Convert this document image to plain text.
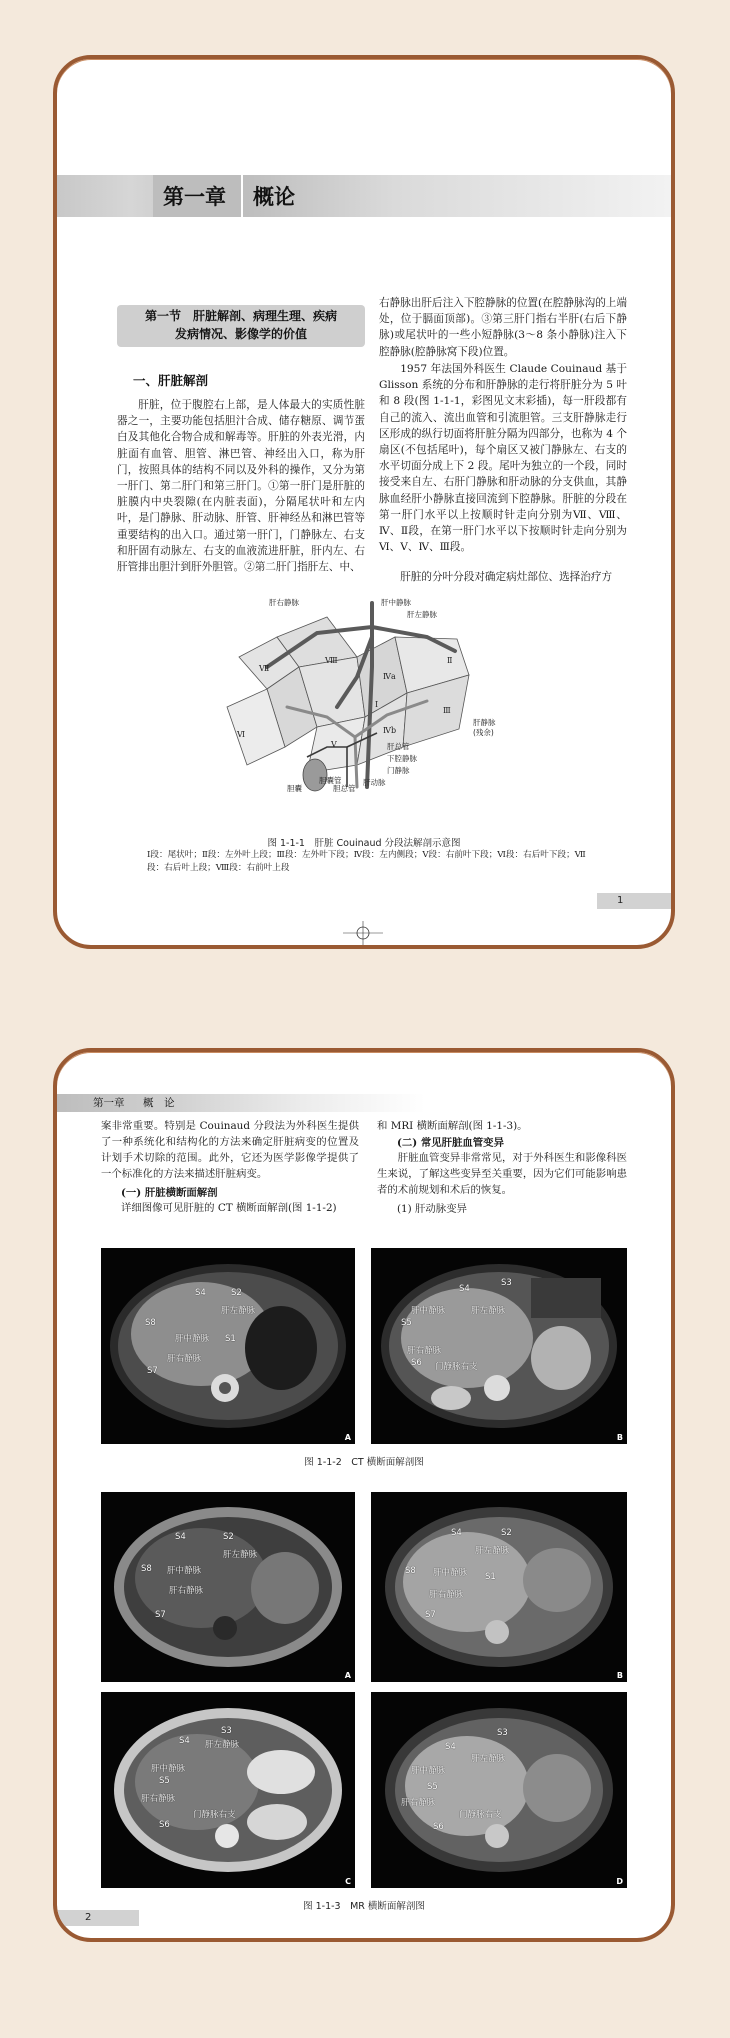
第一章 概论
第一节　肝脏解剖、病理生理、疾病
发病情况、影像学的价值
一、肝脏解剖

肝脏，位于腹腔右上部，是人体最大的实质性脏器之一，主要功能包括胆汁合成、储存糖原、调节蛋白及其他化合物合成和解毒等。肝脏的外表光滑，内脏面有血管、胆管、淋巴管、神经出入口，称为肝门，按照具体的结构不同以及外科的操作，又分为第一肝门、第二肝门和第三肝门。①第一肝门是肝脏的脏膜内中央裂隙(在内脏表面)，分隔尾状叶和左内叶，是门静脉、肝动脉、肝管、肝神经丛和淋巴管等重要结构的出入口。通过第一肝门，门静脉左、右支和肝固有动脉左、右支的血液流进肝脏，肝内左、右肝管排出胆汁到肝外胆管。②第二肝门指肝左、中、

右静脉出肝后注入下腔静脉的位置(在腔静脉沟的上端处，位于膈面顶部)。③第三肝门指右半肝(右后下静脉)或尾状叶的一些小短静脉(3～8 条小静脉)注入下腔静脉(腔静脉窝下段)位置。

1957 年法国外科医生 Claude Couinaud 基于 Glisson 系统的分布和肝静脉的走行将肝脏分为 5 叶和 8 段(图 1-1-1，彩图见文末彩插)，每一肝段都有自己的流入、流出血管和引流胆管。三支肝静脉走行区形成的纵行切面将肝脏分隔为四部分，也称为 4 个扇区(不包括尾叶)，每个扇区又被门静脉左、右支的水平切面分成上下 2 段。尾叶为独立的一个段，同时接受来自左、右肝门静脉和肝动脉的分支供血，其静脉血经肝小静脉直接回流到下腔静脉。肝脏的分段在第一肝门水平以上按顺时针走向分别为Ⅶ、Ⅷ、Ⅳ、Ⅱ段，在第一肝门水平以下按顺时针走向分别为Ⅵ、Ⅴ、Ⅳ、Ⅲ段。

肝脏的分叶分段对确定病灶部位、选择治疗方

Ⅷ
Ⅶ
Ⅵ
Ⅴ
Ⅳa
Ⅳb
Ⅱ
Ⅲ
Ⅰ
肝右静脉	肝中静脉
肝左静脉
肝静脉
(残余)
肝总管
下腔静脉
门静脉
肝动脉
胆囊管
胆囊	胆总管
图 1-1-1　肝脏 Couinaud 分段法解剖示意图
Ⅰ段：尾状叶；Ⅱ段：左外叶上段；Ⅲ段：左外叶下段；Ⅳ段：左内侧段；Ⅴ段：右前叶下段；Ⅵ段：右后叶下段；Ⅶ段：右后叶上段；Ⅷ段：右前叶上段
1
第一章 概　论

案非常重要。特别是 Couinaud 分段法为外科医生提供了一种系统化和结构化的方法来确定肝脏病变的位置及计划手术切除的范围。此外，它还为医学影像学提供了一个标准化的方法来描述肝脏病变。

(一) 肝脏横断面解剖

详细图像可见肝脏的 CT 横断面解剖(图 1-1-2)

和 MRI 横断面解剖(图 1-1-3)。

(二) 常见肝脏血管变异

肝脏血管变异非常常见，对于外科医生和影像科医生来说，了解这些变异至关重要，因为它们可能影响患者的术前规划和术后的恢复。

(1) 肝动脉变异
S4	S2
肝左静脉
S8
肝中静脉 S1
肝右静脉
S7
A
S4
S3
肝中静脉	肝左静脉
S5
肝右静脉
S6 门静脉右支
B
图 1-1-2　CT 横断面解剖图
S4	S2
肝左静脉
S8 肝中静脉
肝右静脉
S7
A
S4	S2
肝左静脉
S8 肝中静脉 S1
肝右静脉
S7
B
S3
S4 肝左静脉
肝中静脉
S5
肝右静脉
门静脉右支
S6
C
S3
S4
肝左静脉
肝中静脉
S5
肝右静脉
门静脉右支
S6
D
图 1-1-3　MR 横断面解剖图
2
